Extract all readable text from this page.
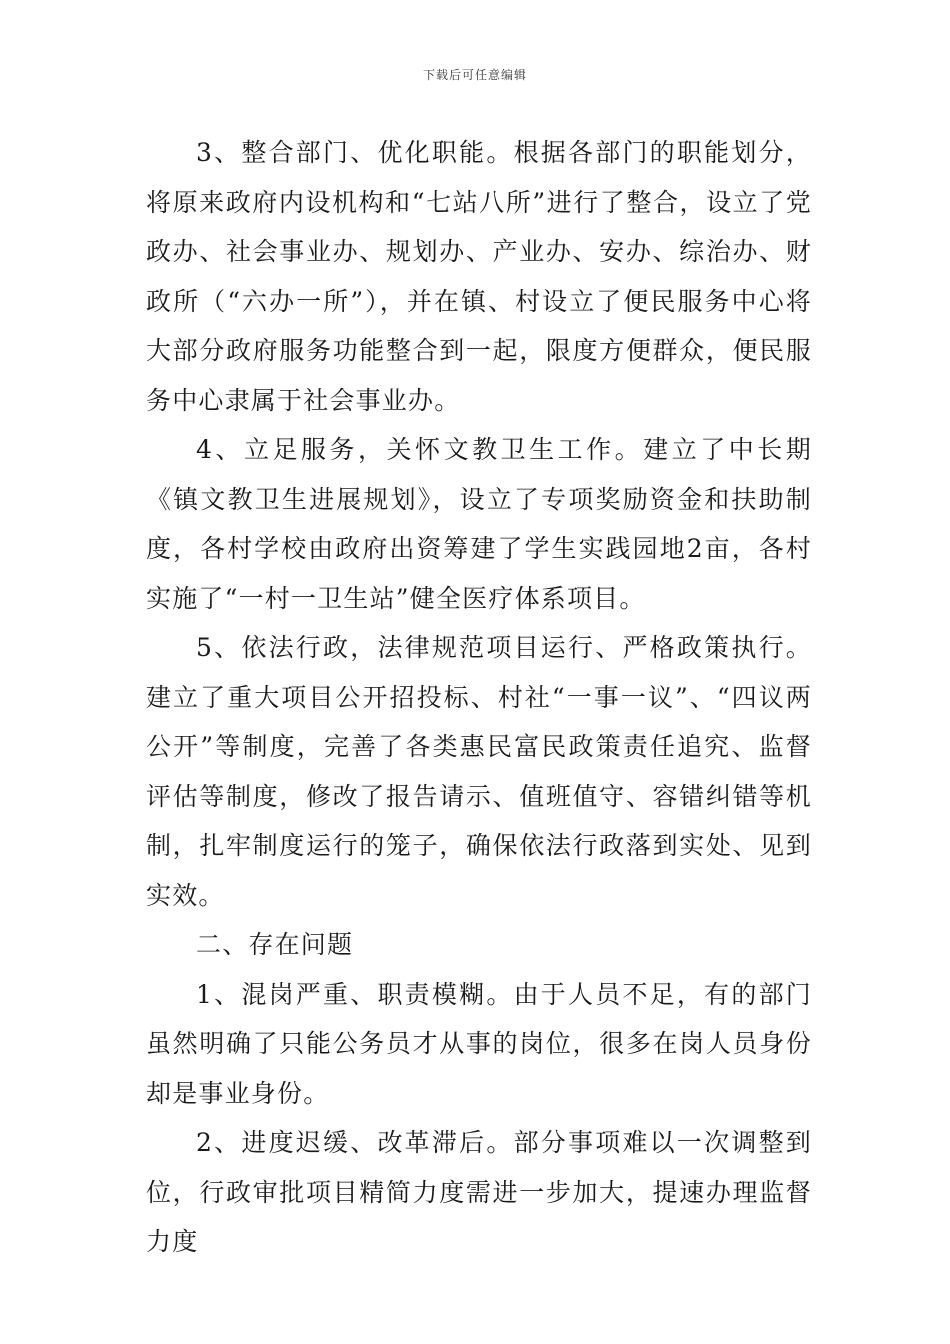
下载后可任意编辑

3、整合部门、优化职能。根据各部门的职能划分，将原来政府内设机构和“七站八所”进行了整合，设立了党政办、社会事业办、规划办、产业办、安办、综治办、财政所（“六办一所”），并在镇、村设立了便民服务中心将大部分政府服务功能整合到一起，限度方便群众，便民服务中心隶属于社会事业办。

4、立足服务，关怀文教卫生工作。建立了中长期《镇文教卫生进展规划》，设立了专项奖励资金和扶助制度，各村学校由政府出资筹建了学生实践园地2亩，各村实施了“一村一卫生站”健全医疗体系项目。

5、依法行政，法律规范项目运行、严格政策执行。建立了重大项目公开招投标、村社“一事一议”、“四议两公开”等制度，完善了各类惠民富民政策责任追究、监督评估等制度，修改了报告请示、值班值守、容错纠错等机制，扎牢制度运行的笼子，确保依法行政落到实处、见到实效。

二、存在问题

1、混岗严重、职责模糊。由于人员不足，有的部门虽然明确了只能公务员才从事的岗位，很多在岗人员身份却是事业身份。

2、进度迟缓、改革滞后。部分事项难以一次调整到位，行政审批项目精简力度需进一步加大，提速办理监督力度
